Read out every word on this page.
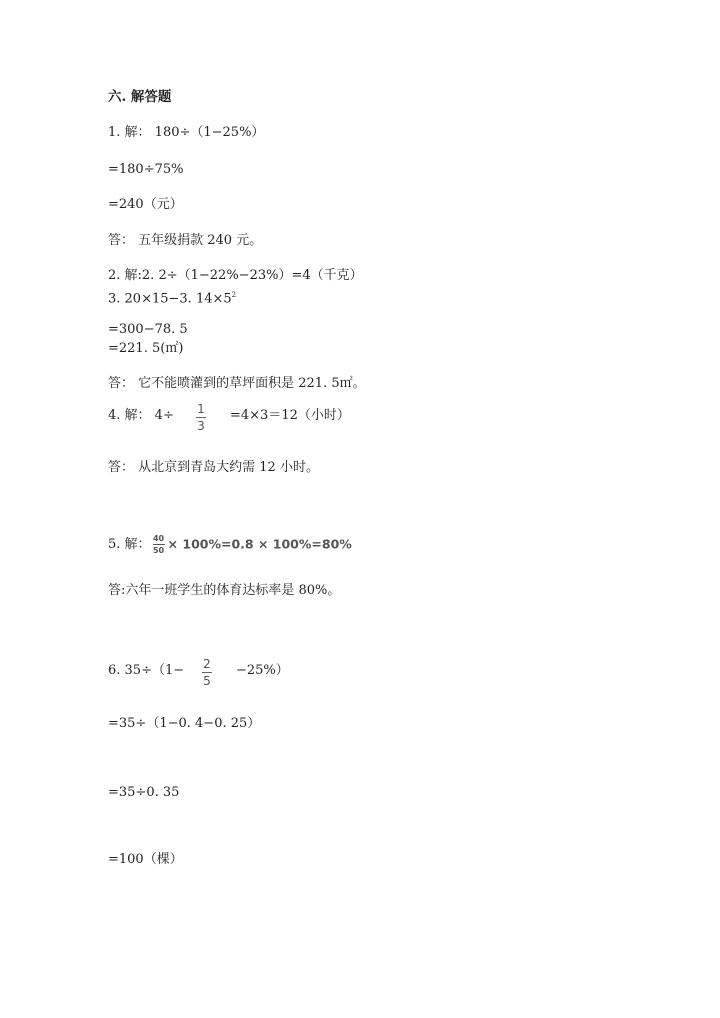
六. 解答题
1. 解： 180÷（1−25%）
=180÷75%
=240（元）
答： 五年级捐款 240 元。
2. 解:2. 2÷（1−22%−23%）=4（千克）
3. 20×15−3. $14\times 5^2$
=300−78. 5
=221. 5(㎡)
答： 它不能喷灌到的草坪面积是 221. 5㎡。
4. 解： 4÷ 1
3
=4×3＝12（小时）
答： 从北京到青岛大约需 12 小时。
5. 解： $\frac{40}{50} \times 100\%=0.8 \times 100\%=80\%$
答:六年一班学生的体育达标率是 80%。
6. 35÷（1− 2
5
−25%）
=35÷（1−0. 4−0. 25）
=35÷0. 35
=100（棵）
